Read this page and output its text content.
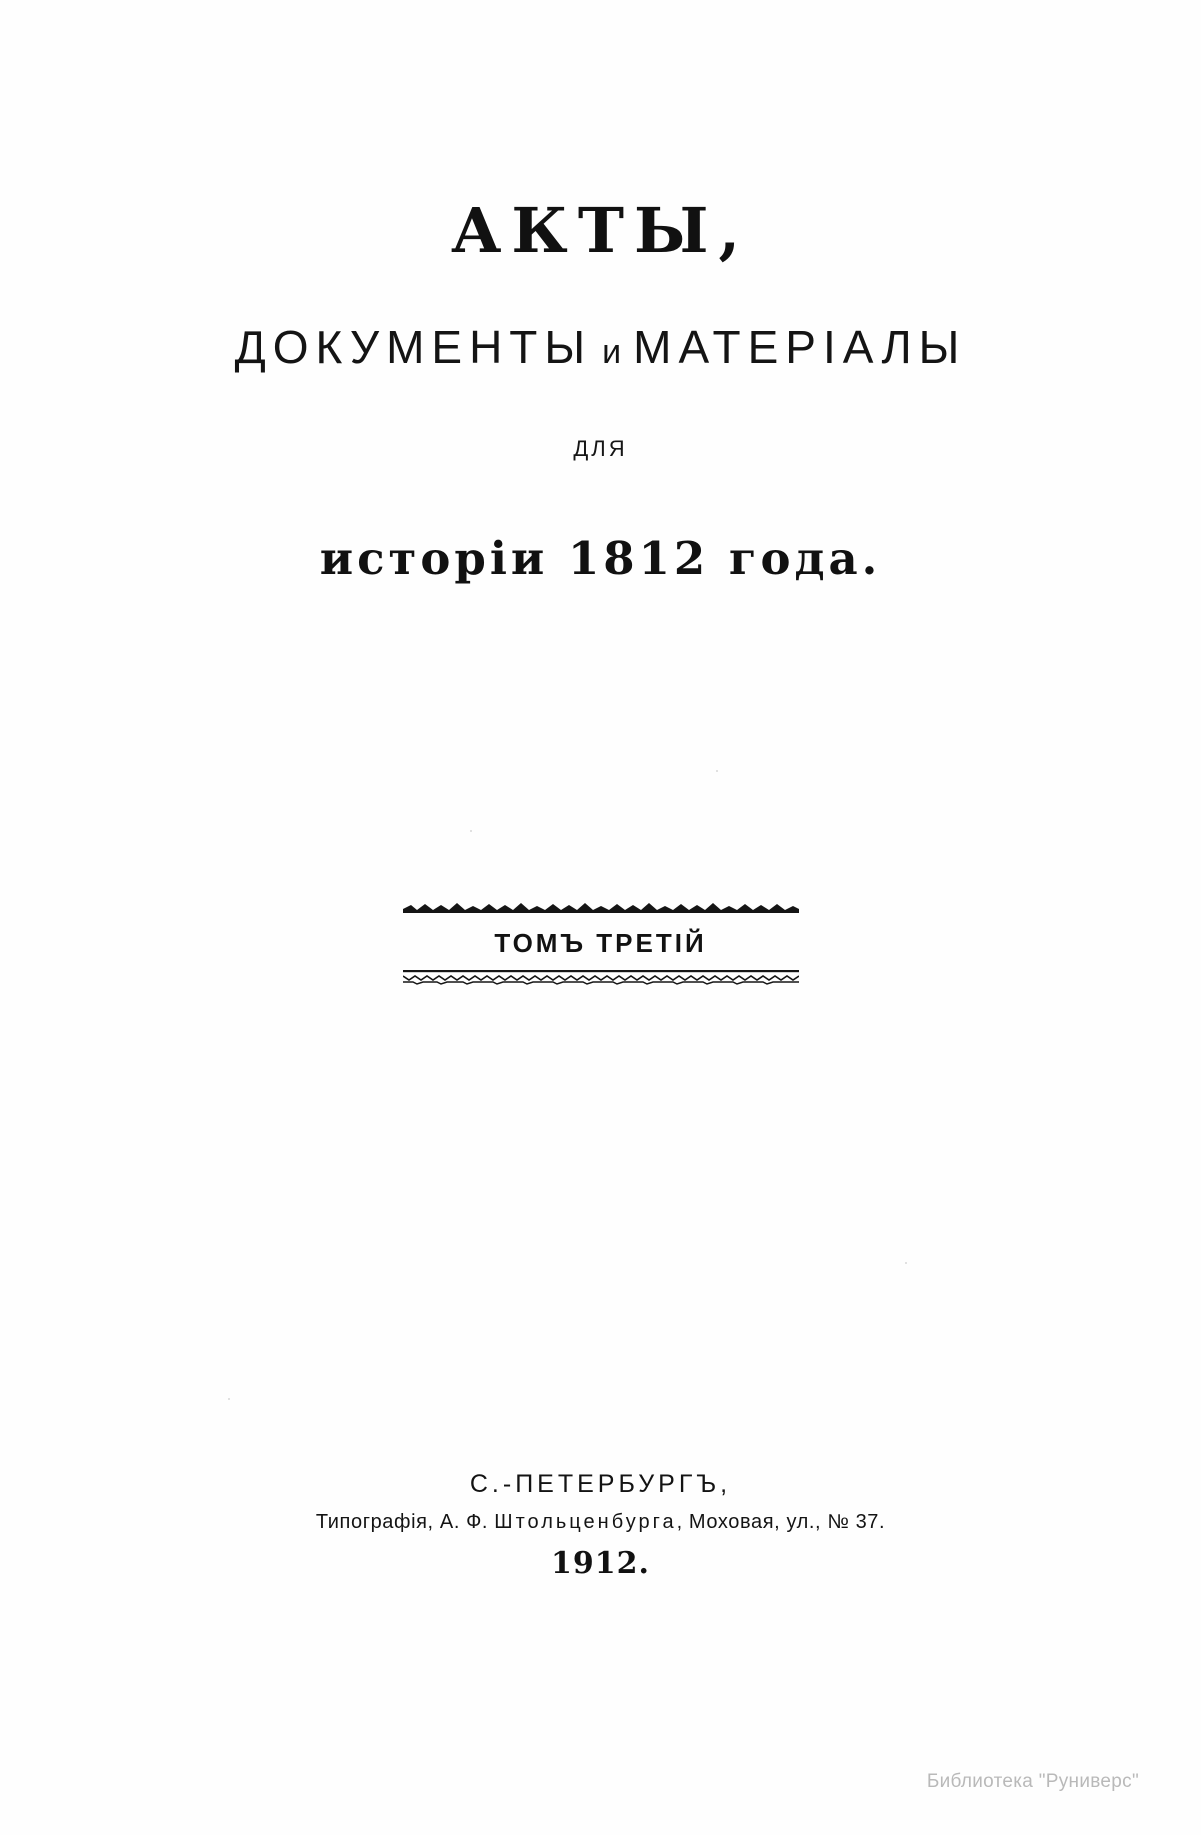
АКТЫ,
ДОКУМЕНТЫ и МАТЕРІАЛЫ
ДЛЯ
исторіи 1812 года.
ТОМЪ ТРЕТІЙ
С.-ПЕТЕРБУРГЪ,
Типографія, А. Ф. Штольценбурга, Моховая, ул., № 37.
1912.
Библиотека "Руниверс"
